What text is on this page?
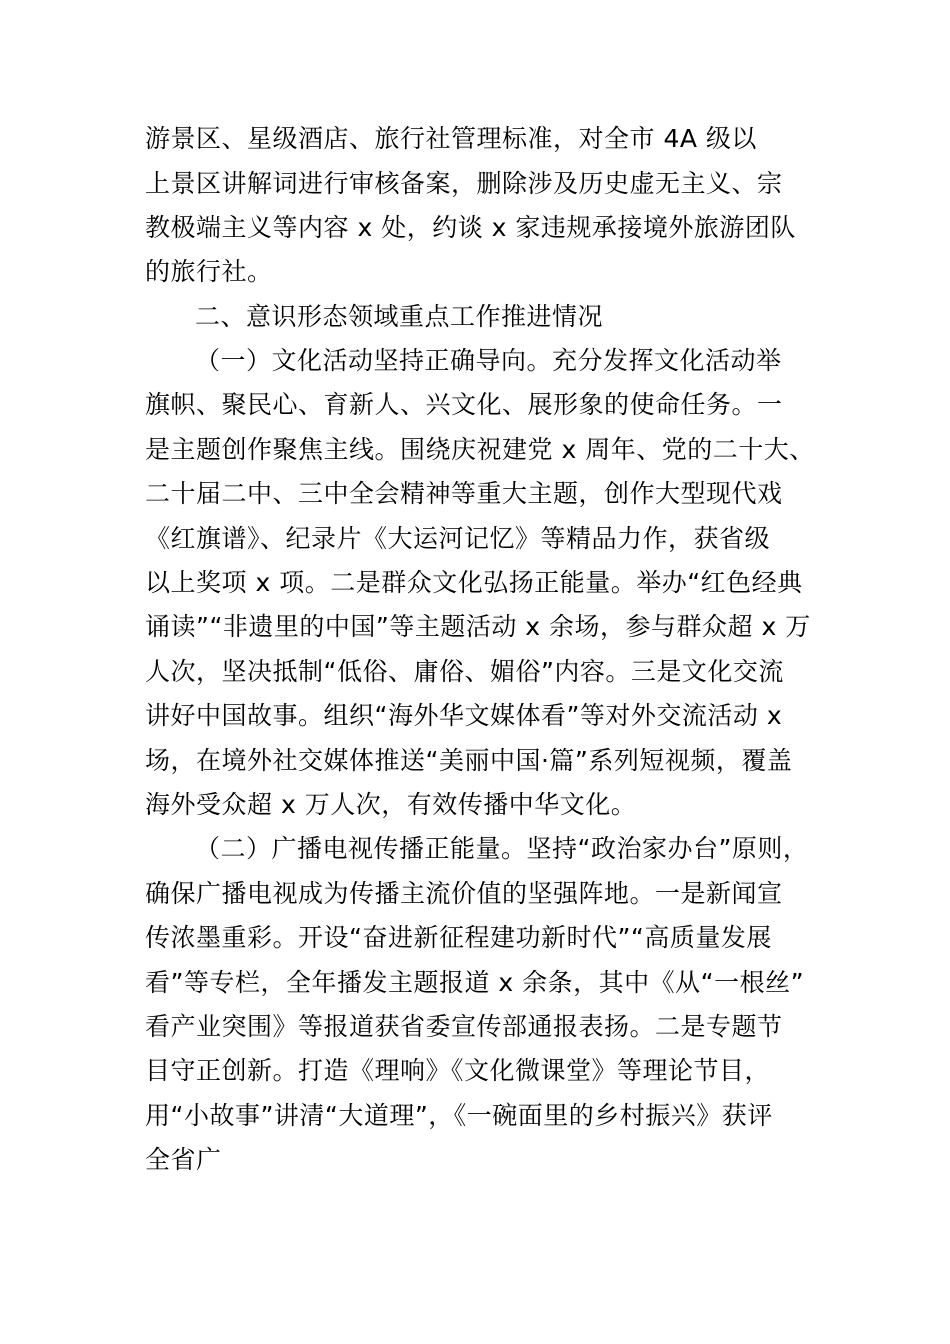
游景区、星级酒店、旅行社管理标准，对全市 4A 级以
上景区讲解词进行审核备案，删除涉及历史虚无主义、宗
教极端主义等内容 x 处，约谈 x 家违规承接境外旅游团队
的旅行社。
二、意识形态领域重点工作推进情况
（一）文化活动坚持正确导向。充分发挥文化活动举
旗帜、聚民心、育新人、兴文化、展形象的使命任务。一
是主题创作聚焦主线。围绕庆祝建党 x 周年、党的二十大、
二十届二中、三中全会精神等重大主题，创作大型现代戏
《红旗谱》、纪录片《大运河记忆》等精品力作，获省级
以上奖项 x 项。二是群众文化弘扬正能量。举办“红色经典
诵读”“非遗里的中国”等主题活动 x 余场，参与群众超 x 万
人次，坚决抵制“低俗、庸俗、媚俗”内容。三是文化交流
讲好中国故事。组织“海外华文媒体看”等对外交流活动 x
场，在境外社交媒体推送“美丽中国·篇”系列短视频，覆盖
海外受众超 x 万人次，有效传播中华文化。
（二）广播电视传播正能量。坚持“政治家办台”原则，
确保广播电视成为传播主流价值的坚强阵地。一是新闻宣
传浓墨重彩。开设“奋进新征程建功新时代”“高质量发展
看”等专栏，全年播发主题报道 x 余条，其中《从“一根丝”
看产业突围》等报道获省委宣传部通报表扬。二是专题节
目守正创新。打造《理响》《文化微课堂》等理论节目，
用“小故事”讲清“大道理”，《一碗面里的乡村振兴》获评
全省广
